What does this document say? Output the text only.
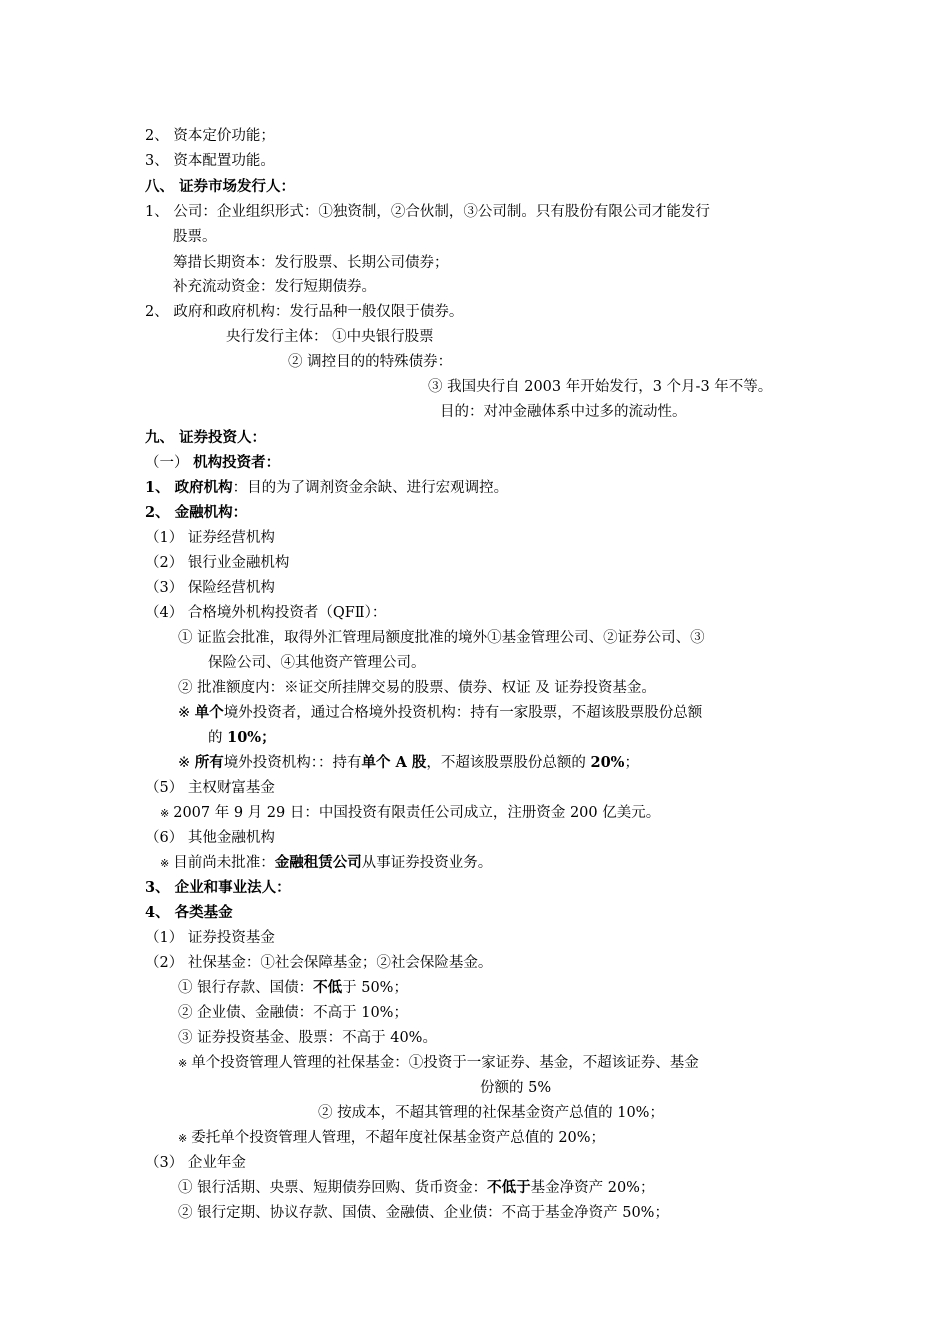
2、 资本定价功能；
3、 资本配置功能。
八、 证券市场发行人：
1、 公司：企业组织形式：①独资制，②合伙制，③公司制。只有股份有限公司才能发行
股票。
筹措长期资本：发行股票、长期公司债券；
补充流动资金：发行短期债券。
2、 政府和政府机构：发行品种一般仅限于债券。
央行发行主体： ①中央银行股票
② 调控目的的特殊债券：
③ 我国央行自 2003 年开始发行，3 个月-3 年不等。
目的：对冲金融体系中过多的流动性。
九、 证券投资人：
（一） 机构投资者：
1、 政府机构：目的为了调剂资金余缺、进行宏观调控。
2、 金融机构：
（1） 证券经营机构
（2） 银行业金融机构
（3） 保险经营机构
（4） 合格境外机构投资者（QFⅡ）：
① 证监会批准，取得外汇管理局额度批准的境外①基金管理公司、②证券公司、③
保险公司、④其他资产管理公司。
② 批准额度内：※证交所挂牌交易的股票、债券、权证 及 证券投资基金。
※ 单个境外投资者，通过合格境外投资机构：持有一家股票，不超该股票股份总额
的 10%；
※ 所有境外投资机构：：持有单个 A 股，不超该股票股份总额的 20%；
（5） 主权财富基金
※ 2007 年 9 月 29 日：中国投资有限责任公司成立，注册资金 200 亿美元。
（6） 其他金融机构
※ 目前尚未批准：金融租赁公司从事证券投资业务。
3、 企业和事业法人：
4、 各类基金
（1） 证券投资基金
（2） 社保基金：①社会保障基金；②社会保险基金。
① 银行存款、国债：不低于 50%；
② 企业债、金融债：不高于 10%；
③ 证券投资基金、股票：不高于 40%。
※ 单个投资管理人管理的社保基金：①投资于一家证券、基金，不超该证券、基金
份额的 5%
② 按成本，不超其管理的社保基金资产总值的 10%；
※ 委托单个投资管理人管理，不超年度社保基金资产总值的 20%；
（3） 企业年金
① 银行活期、央票、短期债券回购、货币资金：不低于基金净资产 20%；
② 银行定期、协议存款、国债、金融债、企业债：不高于基金净资产 50%；
